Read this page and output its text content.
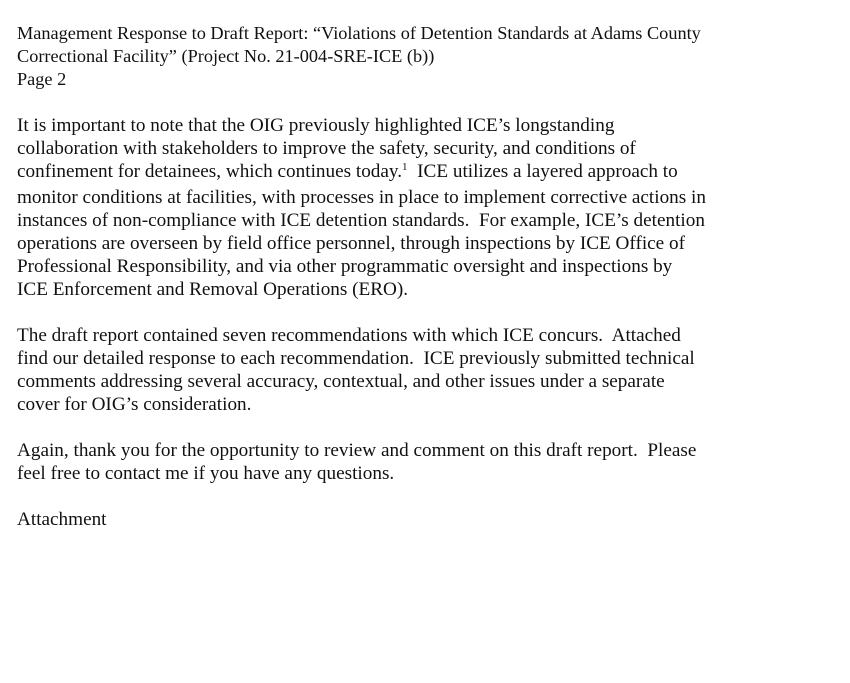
Management Response to Draft Report: “Violations of Detention Standards at Adams County

Correctional Facility” (Project No. 21-004-SRE-ICE (b))

Page 2

It is important to note that the OIG previously highlighted ICE’s longstanding
collaboration with stakeholders to improve the safety, security, and conditions of
confinement for detainees, which continues today.$^1$  ICE utilizes a layered approach to
monitor conditions at facilities, with processes in place to implement corrective actions in
instances of non-compliance with ICE detention standards.  For example, ICE’s detention
operations are overseen by field office personnel, through inspections by ICE Office of
Professional Responsibility, and via other programmatic oversight and inspections by
ICE Enforcement and Removal Operations (ERO).
The draft report contained seven recommendations with which ICE concurs.  Attached
find our detailed response to each recommendation.  ICE previously submitted technical
comments addressing several accuracy, contextual, and other issues under a separate
cover for OIG’s consideration.
Again, thank you for the opportunity to review and comment on this draft report.  Please
feel free to contact me if you have any questions.
Attachment
